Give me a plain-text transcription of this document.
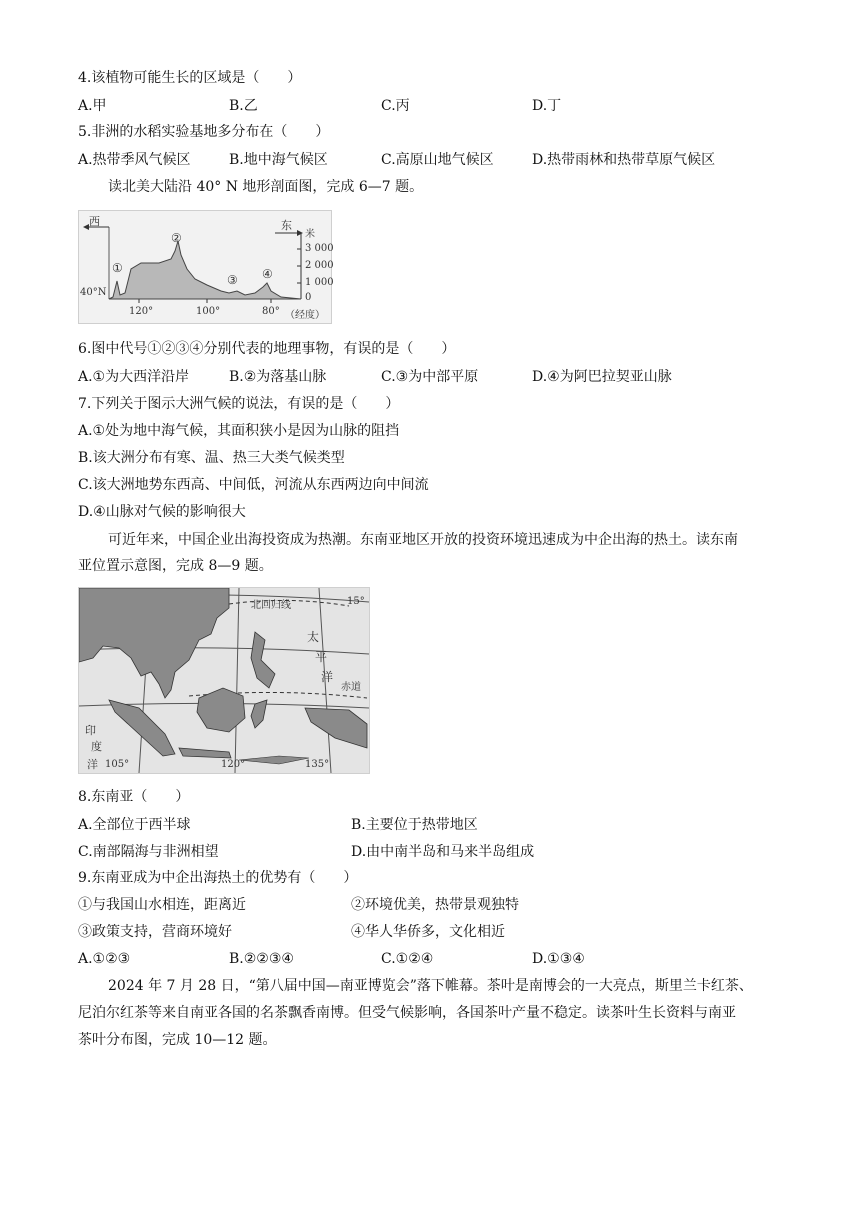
4.该植物可能生长的区域是（　　）
A.甲	B.乙	C.丙	D.丁
5.非洲的水稻实验基地多分布在（　　）
A.热带季风气候区	B.地中海气候区	C.高原山地气候区	D.热带雨林和热带草原气候区
读北美大陆沿 40° N 地形剖面图，完成 6—7 题。
西	东
米
3 000
2 000
1 000
0
40°N
120°	100°	80° （经度）
①
②
③ ④
6.图中代号①②③④分别代表的地理事物，有误的是（　　）
A.①为大西洋沿岸	B.②为落基山脉	C.③为中部平原	D.④为阿巴拉契亚山脉
7.下列关于图示大洲气候的说法，有误的是（　　）
A.①处为地中海气候，其面积狭小是因为山脉的阻挡
B.该大洲分布有寒、温、热三大类气候类型
C.该大洲地势东西高、中间低，河流从东西两边向中间流
D.④山脉对气候的影响很大
可近年来，中国企业出海投资成为热潮。东南亚地区开放的投资环境迅速成为中企出海的热土。读东南
亚位置示意图，完成 8—9 题。
北回归线	15°
太
平
洋
赤道
印
度
洋 105°	120°	135°
8.东南亚（　　）
A.全部位于西半球	B.主要位于热带地区
C.南部隔海与非洲相望	D.由中南半岛和马来半岛组成
9.东南亚成为中企出海热土的优势有（　　）
①与我国山水相连，距离近	②环境优美，热带景观独特
③政策支持，营商环境好	④华人华侨多，文化相近
A.①②③	B.②②③④	C.①②④	D.①③④
2024 年 7 月 28 日，“第八届中国—南亚博览会”落下帷幕。茶叶是南博会的一大亮点，斯里兰卡红茶、
尼泊尔红茶等来自南亚各国的名茶飘香南博。但受气候影响，各国茶叶产量不稳定。读茶叶生长资料与南亚
茶叶分布图，完成 10—12 题。
